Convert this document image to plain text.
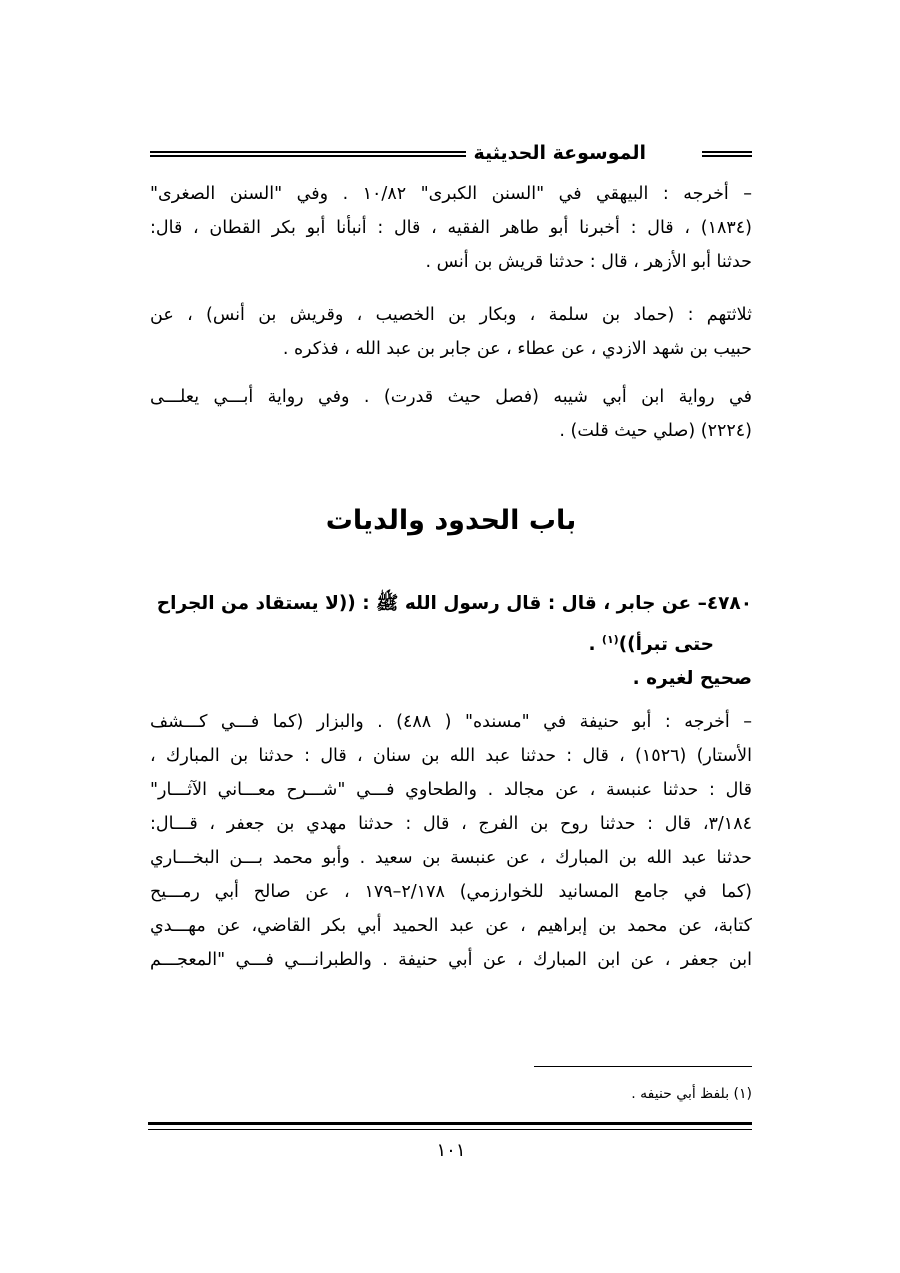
الموسوعة الحديثية
– أخرجه : البيهقي في "السنن الكبرى" ١٠/٨٢ . وفي "السنن الصغرى"
(١٨٣٤) ، قال : أخبرنا أبو طاهر الفقيه ، قال : أنبأنا أبو بكر القطان ، قال:
حدثنا أبو الأزهر ، قال : حدثنا قريش بن أنس .
ثلاثتهم : (حماد بن سلمة ، وبكار بن الخصيب ، وقريش بن أنس) ، عن
حبيب بن شهد الازدي ، عن عطاء ، عن جابر بن عبد الله ، فذكره .
في رواية ابن أبي شيبه (فصل حيث قدرت) . وفي رواية أبـــي يعلـــى
(٢٢٢٤) (صلي حيث قلت) .
باب الحدود والديات
٤٧٨٠– عن جابر ، قال : قال رسول الله ﷺ : ((لا يستقاد من الجراح
حتى تبرأ))$^{(١)}$ .
صحيح لغيره .
– أخرجه : أبو حنيفة في "مسنده" ( ٤٨٨) . والبزار (كما فـــي كـــشف
الأستار) (١٥٢٦) ، قال : حدثنا عبد الله بن سنان ، قال : حدثنا بن المبارك ،
قال : حدثنا عنبسة ، عن مجالد . والطحاوي فـــي "شـــرح معـــاني الآثـــار"
٣/١٨٤، قال : حدثنا روح بن الفرج ، قال : حدثنا مهدي بن جعفر ، قـــال:
حدثنا عبد الله بن المبارك ، عن عنبسة بن سعيد . وأبو محمد بـــن البخـــاري
(كما في جامع المسانيد للخوارزمي) ٢/١٧٨–١٧٩ ، عن صالح أبي رمـــيح
كتابة، عن محمد بن إبراهيم ، عن عبد الحميد أبي بكر القاضي، عن مهـــدي
ابن جعفر ، عن ابن المبارك ، عن أبي حنيفة . والطبرانـــي فـــي "المعجـــم
(١) بلفظ أبي حنيفه .
١٠١
